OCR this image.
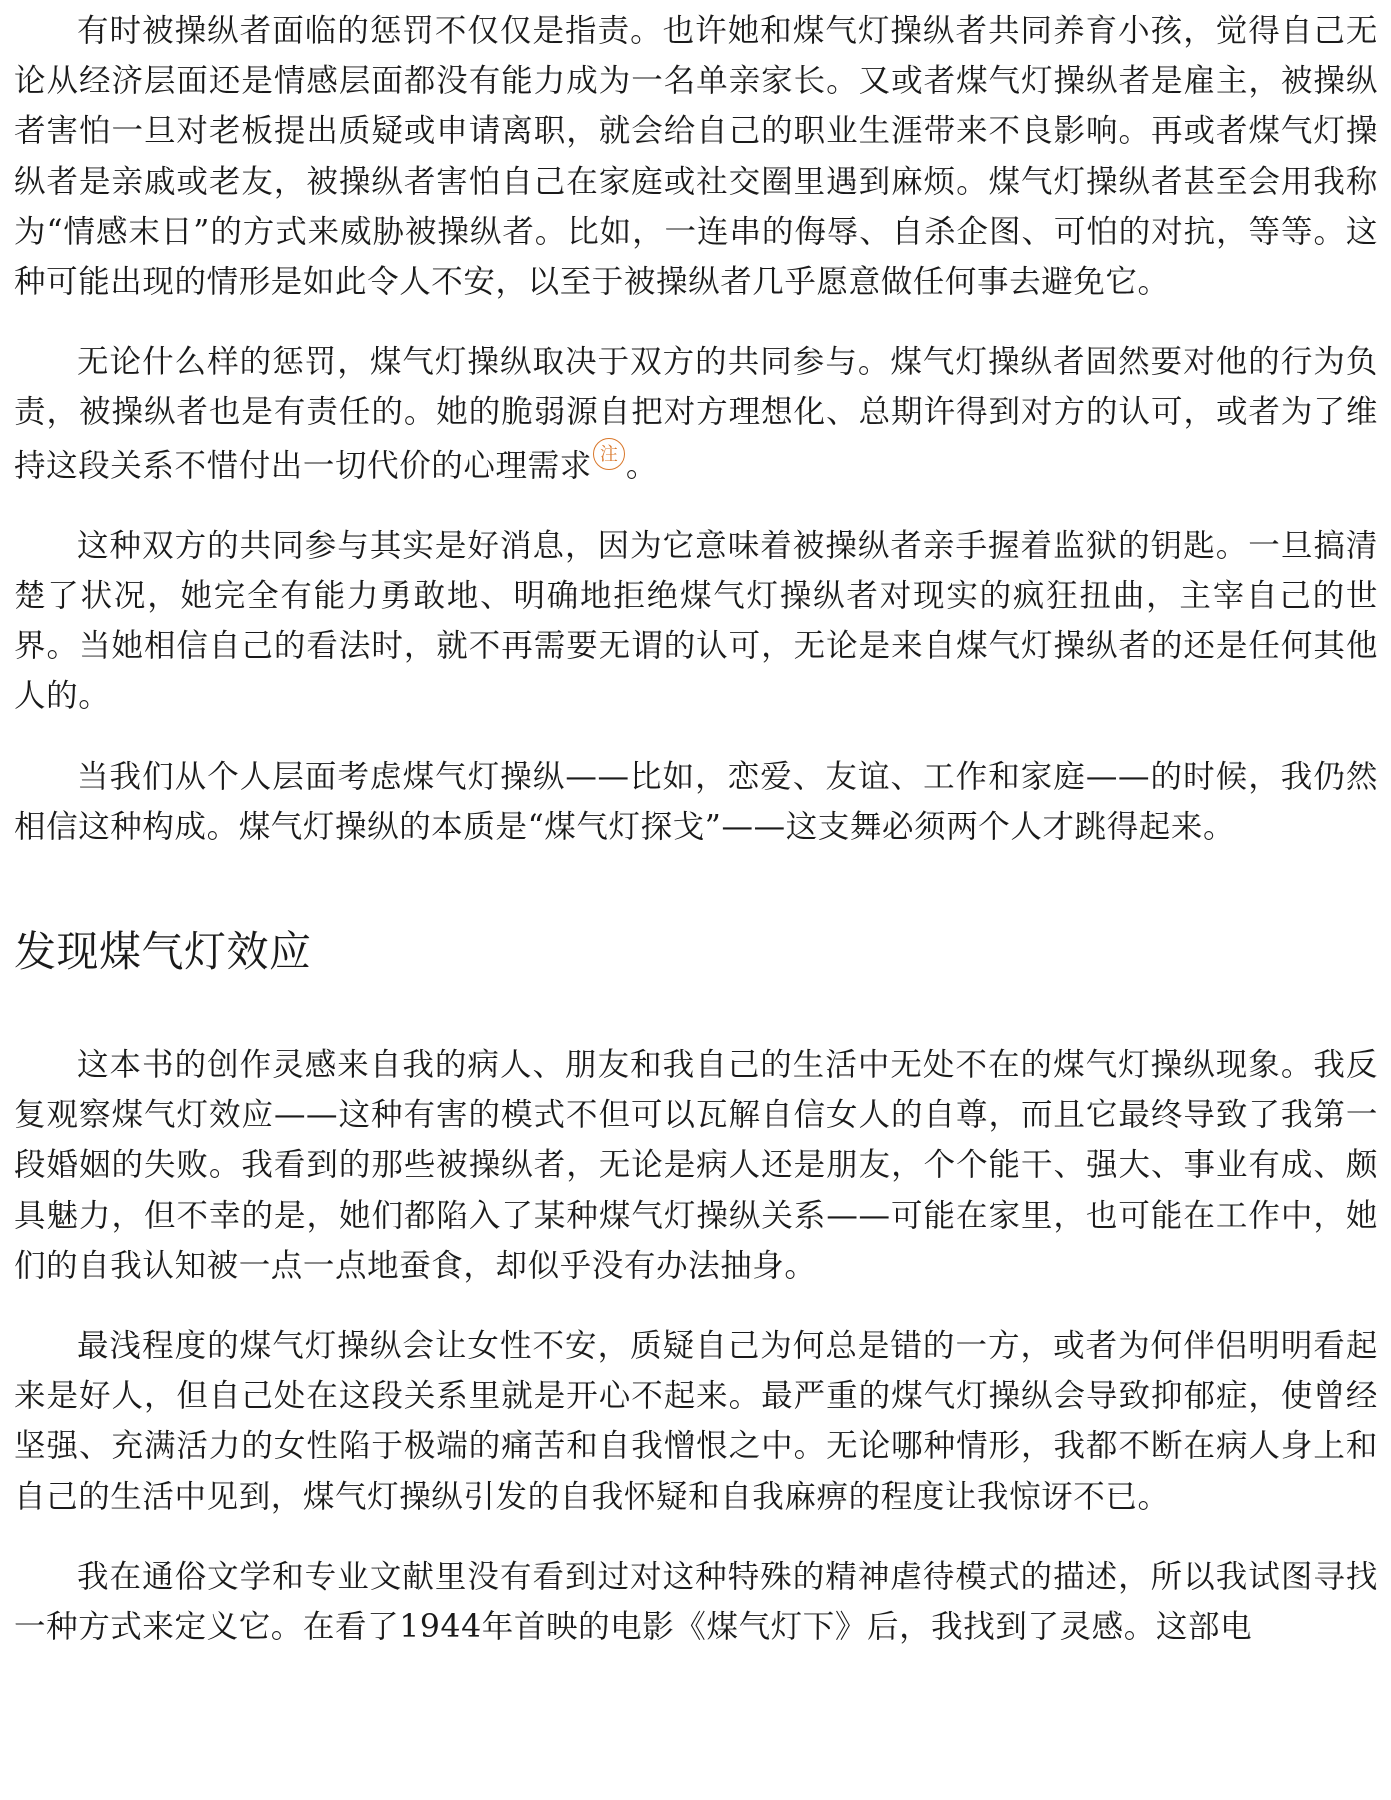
有时被操纵者面临的惩罚不仅仅是指责。也许她和煤气灯操纵者共同养育小孩，觉得自己无论从经济层面还是情感层面都没有能力成为一名单亲家长。又或者煤气灯操纵者是雇主，被操纵者害怕一旦对老板提出质疑或申请离职，就会给自己的职业生涯带来不良影响。再或者煤气灯操纵者是亲戚或老友，被操纵者害怕自己在家庭或社交圈里遇到麻烦。煤气灯操纵者甚至会用我称为“情感末日”的方式来威胁被操纵者。比如，一连串的侮辱、自杀企图、可怕的对抗，等等。这种可能出现的情形是如此令人不安，以至于被操纵者几乎愿意做任何事去避免它。

无论什么样的惩罚，煤气灯操纵取决于双方的共同参与。煤气灯操纵者固然要对他的行为负责，被操纵者也是有责任的。她的脆弱源自把对方理想化、总期许得到对方的认可，或者为了维持这段关系不惜付出一切代价的心理需求 注 。

这种双方的共同参与其实是好消息，因为它意味着被操纵者亲手握着监狱的钥匙。一旦搞清楚了状况，她完全有能力勇敢地、明确地拒绝煤气灯操纵者对现实的疯狂扭曲，主宰自己的世界。当她相信自己的看法时，就不再需要无谓的认可，无论是来自煤气灯操纵者的还是任何其他人的。

当我们从个人层面考虑煤气灯操纵——比如，恋爱、友谊、工作和家庭——的时候，我仍然相信这种构成。煤气灯操纵的本质是“煤气灯探戈”——这支舞必须两个人才跳得起来。

发现煤气灯效应

这本书的创作灵感来自我的病人、朋友和我自己的生活中无处不在的煤气灯操纵现象。我反复观察煤气灯效应——这种有害的模式不但可以瓦解自信女人的自尊，而且它最终导致了我第一段婚姻的失败。我看到的那些被操纵者，无论是病人还是朋友，个个能干、强大、事业有成、颇具魅力，但不幸的是，她们都陷入了某种煤气灯操纵关系——可能在家里，也可能在工作中，她们的自我认知被一点一点地蚕食，却似乎没有办法抽身。

最浅程度的煤气灯操纵会让女性不安，质疑自己为何总是错的一方，或者为何伴侣明明看起来是好人，但自己处在这段关系里就是开心不起来。最严重的煤气灯操纵会导致抑郁症，使曾经坚强、充满活力的女性陷于极端的痛苦和自我憎恨之中。无论哪种情形，我都不断在病人身上和自己的生活中见到，煤气灯操纵引发的自我怀疑和自我麻痹的程度让我惊讶不已。

我在通俗文学和专业文献里没有看到过对这种特殊的精神虐待模式的描述，所以我试图寻找一种方式来定义它。在看了1944年首映的电影《煤气灯下》后，我找到了灵感。这部电
